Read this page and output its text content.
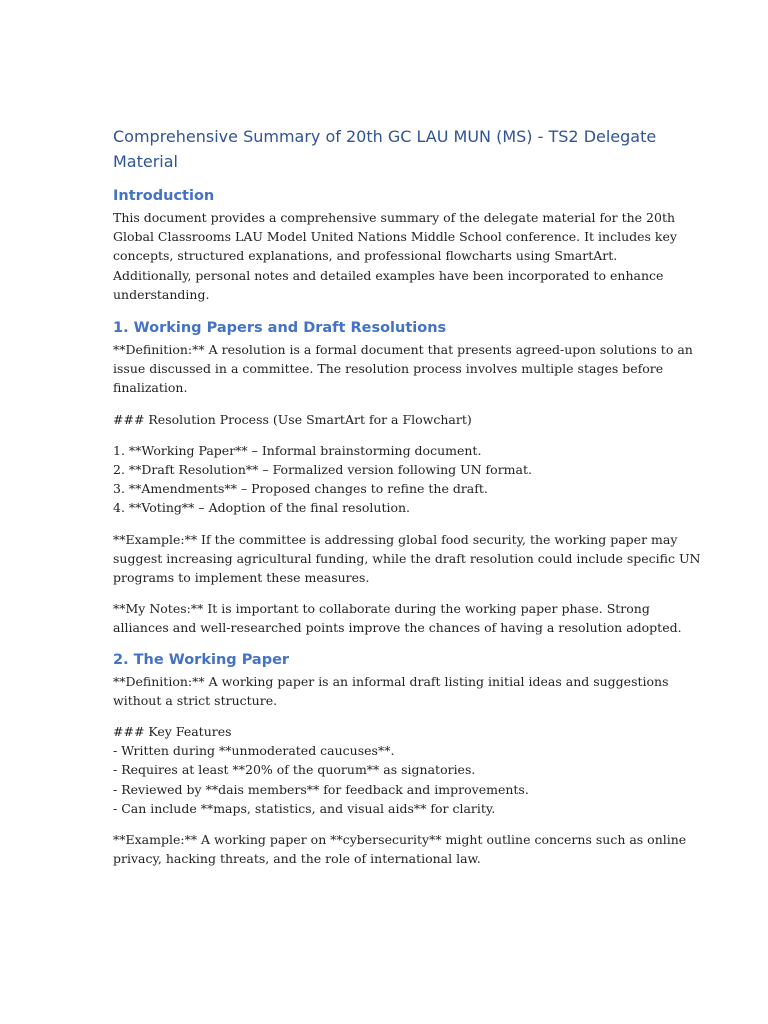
Comprehensive Summary of 20th GC LAU MUN (MS) - TS2 Delegate
Material
Introduction

This document provides a comprehensive summary of the delegate material for the 20th
Global Classrooms LAU Model United Nations Middle School conference. It includes key
concepts, structured explanations, and professional flowcharts using SmartArt.
Additionally, personal notes and detailed examples have been incorporated to enhance
understanding.

1. Working Papers and Draft Resolutions

**Definition:** A resolution is a formal document that presents agreed-upon solutions to an
issue discussed in a committee. The resolution process involves multiple stages before
finalization.

### Resolution Process (Use SmartArt for a Flowchart)

1. **Working Paper** – Informal brainstorming document.
2. **Draft Resolution** – Formalized version following UN format.
3. **Amendments** – Proposed changes to refine the draft.
4. **Voting** – Adoption of the final resolution.

**Example:** If the committee is addressing global food security, the working paper may
suggest increasing agricultural funding, while the draft resolution could include specific UN
programs to implement these measures.

**My Notes:** It is important to collaborate during the working paper phase. Strong
alliances and well-researched points improve the chances of having a resolution adopted.

2. The Working Paper

**Definition:** A working paper is an informal draft listing initial ideas and suggestions
without a strict structure.

### Key Features
- Written during **unmoderated caucuses**.
- Requires at least **20% of the quorum** as signatories.
- Reviewed by **dais members** for feedback and improvements.
- Can include **maps, statistics, and visual aids** for clarity.

**Example:** A working paper on **cybersecurity** might outline concerns such as online
privacy, hacking threats, and the role of international law.
